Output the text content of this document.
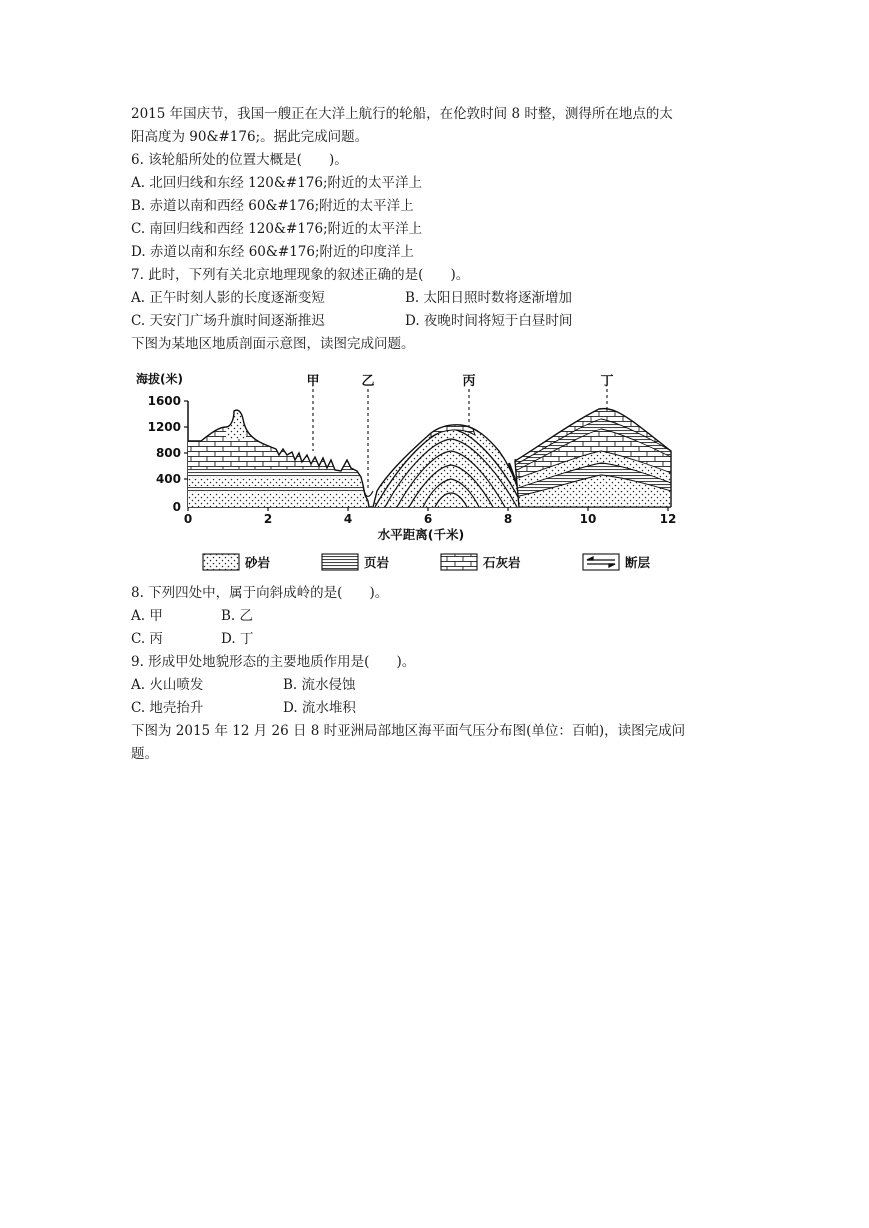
2015 年国庆节，我国一艘正在大洋上航行的轮船，在伦敦时间 8 时整，测得所在地点的太
阳高度为 90&#176;。据此完成问题。
6. 该轮船所处的位置大概是(　　)。
A. 北回归线和东经 120&#176;附近的太平洋上
B. 赤道以南和西经 60&#176;附近的太平洋上
C. 南回归线和西经 120&#176;附近的太平洋上
D. 赤道以南和东经 60&#176;附近的印度洋上
7. 此时，下列有关北京地理现象的叙述正确的是(　　)。
A. 正午时刻人影的长度逐渐变短	B. 太阳日照时数将逐渐增加
C. 天安门广场升旗时间逐渐推迟	D. 夜晚时间将短于白昼时间
下图为某地区地质剖面示意图，读图完成问题。
海拔(米)
1600
1200
800
400
0
0	2	4	6	8	10	12
水平距离(千米)
甲	乙	丙	丁
砂岩	页岩	石灰岩	断层
8. 下列四处中，属于向斜成岭的是(　　)。
A. 甲	B. 乙
C. 丙	D. 丁
9. 形成甲处地貌形态的主要地质作用是(　　)。
A. 火山喷发	B. 流水侵蚀
C. 地壳抬升	D. 流水堆积
下图为 2015 年 12 月 26 日 8 时亚洲局部地区海平面气压分布图(单位：百帕)，读图完成问
题。
